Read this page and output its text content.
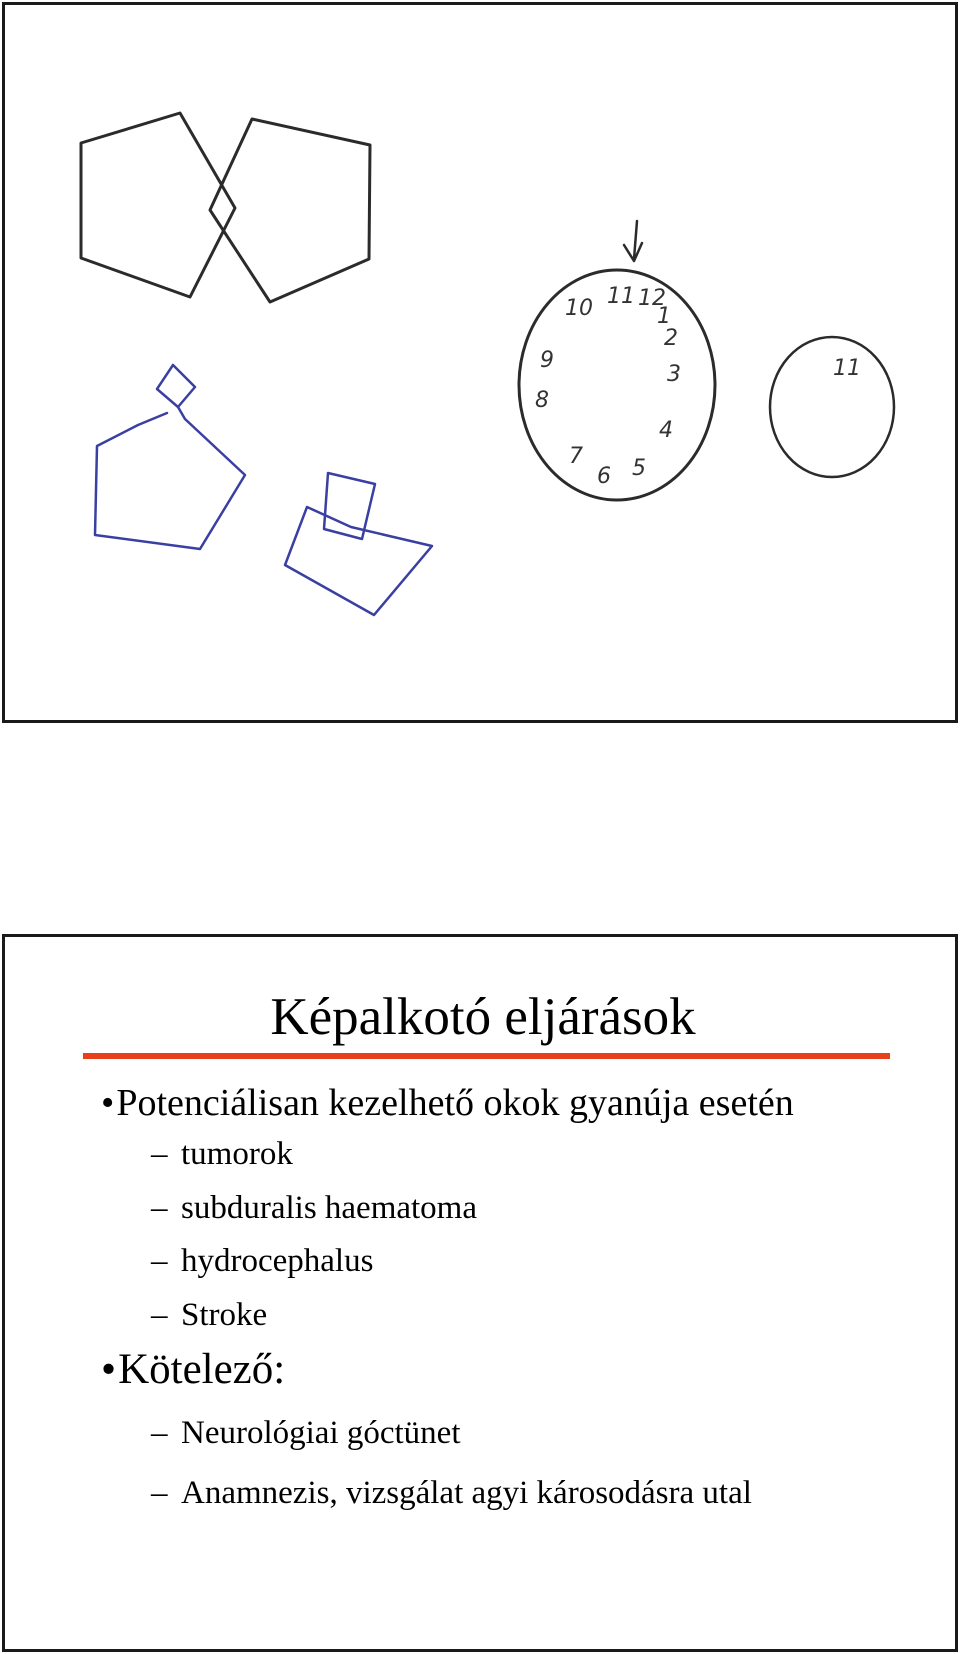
10 11 12
1
2
3
4
5
6
7
8
9	11
Képalkotó eljárások
•Potenciálisan kezelhető okok gyanúja esetén
– tumorok
– subduralis haematoma
– hydrocephalus
– Stroke
•Kötelező:
– Neurológiai góctünet
– Anamnezis, vizsgálat agyi károsodásra utal
